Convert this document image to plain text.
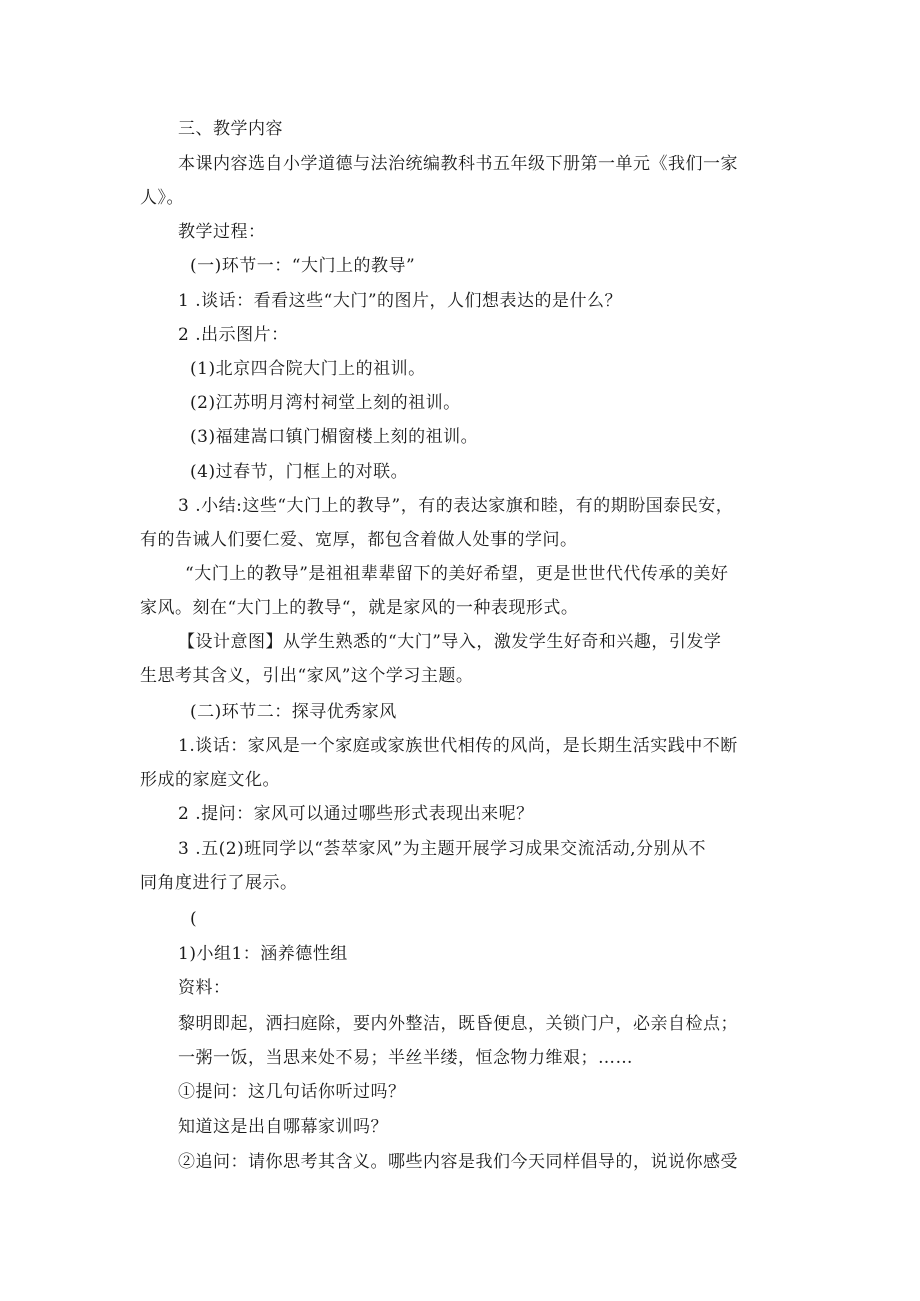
三、教学内容
本课内容选自小学道德与法治统编教科书五年级下册第一单元《我们一家
人》。
教学过程：
(一)环节一：“大门上的教导”
1 .谈话：看看这些“大门”的图片，人们想表达的是什么？
2 .出示图片：
(1)北京四合院大门上的祖训。
(2)江苏明月湾村祠堂上刻的祖训。
(3)福建嵩口镇门楣窗楼上刻的祖训。
(4)过春节，门框上的对联。
3 .小结:这些“大门上的教导”，有的表达家旗和睦，有的期盼国泰民安，
有的告诫人们要仁爱、宽厚，都包含着做人处事的学问。
“大门上的教导”是祖祖辈辈留下的美好希望，更是世世代代传承的美好
家风。刻在“大门上的教导“，就是家风的一种表现形式。
【设计意图】从学生熟悉的“大门”导入，激发学生好奇和兴趣，引发学
生思考其含义，引出“家风”这个学习主题。
(二)环节二：探寻优秀家风
1.谈话：家风是一个家庭或家族世代相传的风尚，是长期生活实践中不断
形成的家庭文化。
2 .提问：家风可以通过哪些形式表现出来呢？
3 .五(2)班同学以“荟萃家风”为主题开展学习成果交流活动,分别从不
同角度进行了展示。
(
1)小组1：涵养德性组
资料：
黎明即起，洒扫庭除，要内外整洁，既昏便息，关锁门户，必亲自检点；
一粥一饭，当思来处不易；半丝半缕，恒念物力维艰；……
①提问：这几句话你听过吗？
知道这是出自哪幕家训吗？
②追问：请你思考其含义。哪些内容是我们今天同样倡导的，说说你感受
